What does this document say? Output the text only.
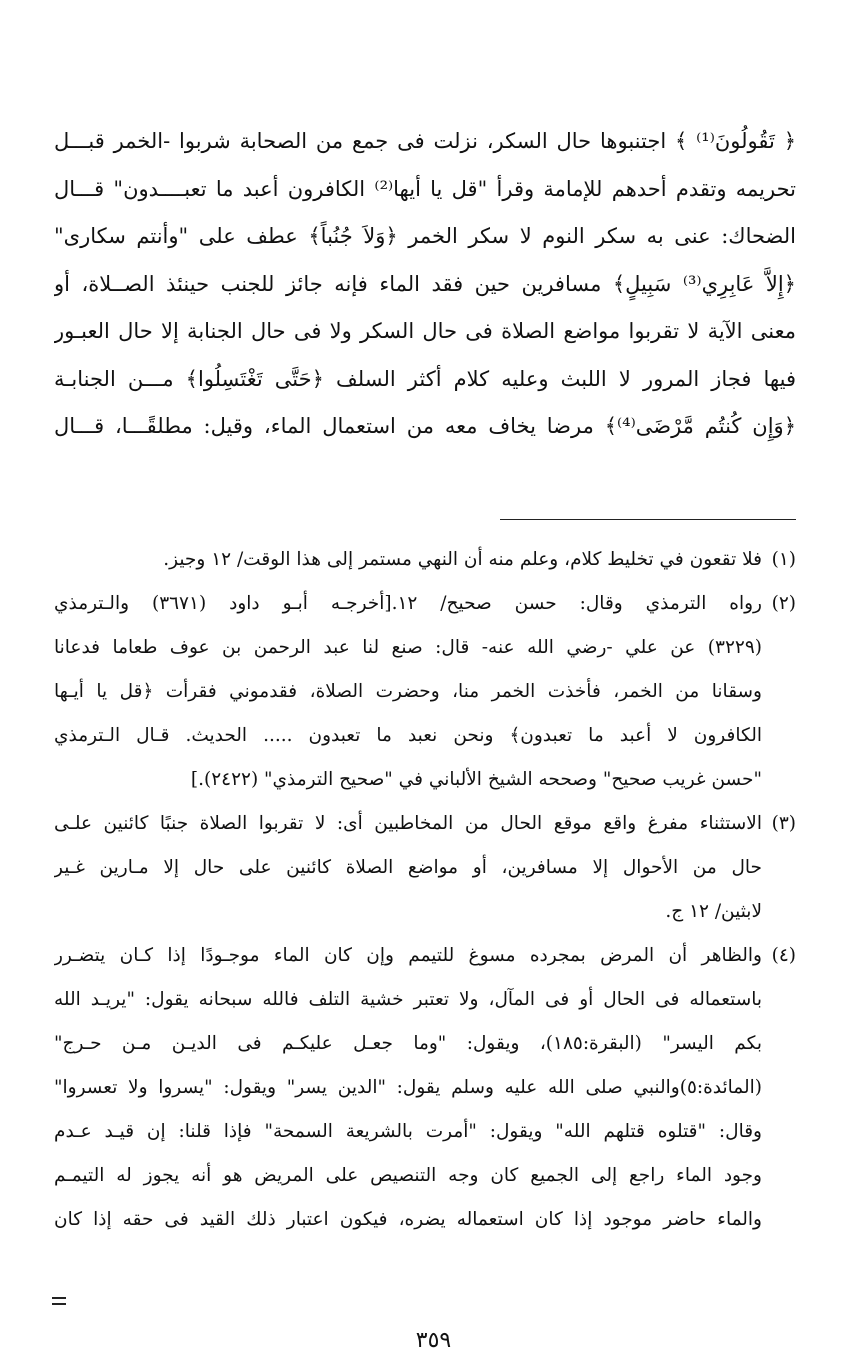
﴿ تَقُولُونَ⁽¹⁾ ﴾ اجتنبوها حال السكر، نزلت فى جمع من الصحابة شربوا -الخمر قبـــل
تحريمه وتقدم أحدهم للإمامة وقرأ "قل يا أيها⁽²⁾ الكافرون أعبد ما تعبــــدون" قـــال
الضحاك: عنى به سكر النوم لا سكر الخمر ﴿وَلاَ جُنُباً﴾ عطف على "وأنتم سكارى"
﴿إِلاَّ عَابِرِي⁽³⁾ سَبِيلٍ﴾ مسافرين حين فقد الماء فإنه جائز للجنب حينئذ الصــلاة، أو
معنى الآية لا تقربوا مواضع الصلاة فى حال السكر ولا فى حال الجنابة إلا حال العبـور
فيها فجاز المرور لا اللبث وعليه كلام أكثر السلف ﴿حَتَّى تَغْتَسِلُوا﴾ مـــن الجنابـة
﴿وَإِن كُنتُم مَّرْضَى⁽⁴⁾﴾ مرضا يخاف معه من استعمال الماء، وقيل: مطلقًـــا، قـــال
(١)
فلا تقعون في تخليط كلام، وعلم منه أن النهي مستمر إلى هذا الوقت/ ١٢ وجيز.
(٢)
رواه الترمذي وقال: حسن صحيح/ ١٢.[أخرجـه أبـو داود (٣٦٧١) والـترمذي
(٣٢٢٩) عن علي -رضي الله عنه- قال: صنع لنا عبد الرحمن بن عوف طعاما فدعانا
وسقانا من الخمر، فأخذت الخمر منا، وحضرت الصلاة، فقدموني فقرأت ﴿قل يا أيـها
الكافرون لا أعبد ما تعبدون﴾ ونحن نعبد ما تعبدون ..... الحديث. قـال الـترمذي
"حسن غريب صحيح" وصححه الشيخ الألباني في "صحيح الترمذي" (٢٤٢٢).]
(٣)
الاستثناء مفرغ واقع موقع الحال من المخاطبين أى: لا تقربوا الصلاة جنبًا كائنين علـى
حال من الأحوال إلا مسافرين، أو مواضع الصلاة كائنين على حال إلا مـارين غـير
لابثين/ ١٢ ج.
(٤)
والظاهر أن المرض بمجرده مسوغ للتيمم وإن كان الماء موجـودًا إذا كـان يتضـرر
باستعماله فى الحال أو فى المآل، ولا تعتبر خشية التلف فالله سبحانه يقول: "يريـد الله
بكم اليسر" (البقرة:١٨٥)، ويقول: "وما جعـل عليكـم فى الديـن مـن حـرج"
(المائدة:٥)والنبي صلى الله عليه وسلم يقول: "الدين يسر" ويقول: "يسروا ولا تعسروا"
وقال: "قتلوه قتلهم الله" ويقول: "أمرت بالشريعة السمحة" فإذا قلنا: إن قيـد عـدم
وجود الماء راجع إلى الجميع كان وجه التنصيص على المريض هو أنه يجوز له التيمـم
والماء حاضر موجود إذا كان استعماله يضره، فيكون اعتبار ذلك القيد فى حقه إذا كان
٣٥٩
